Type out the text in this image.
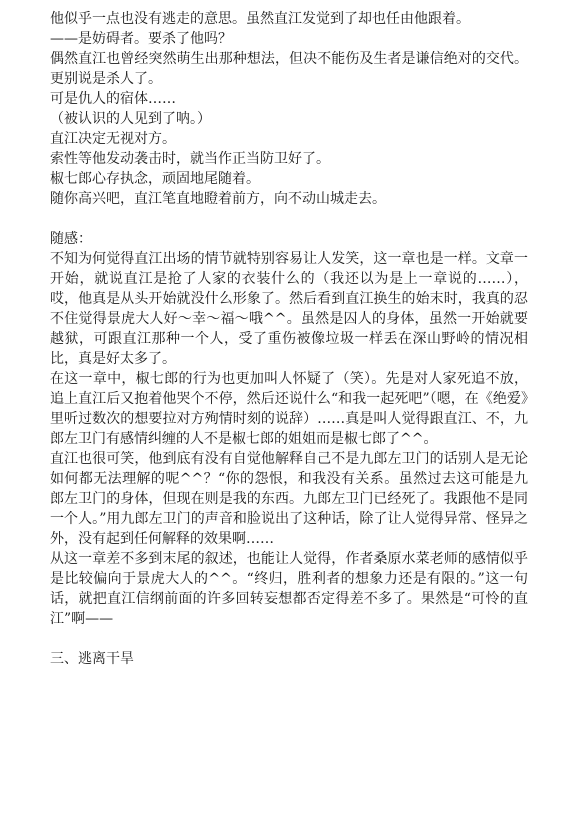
他似乎一点也没有逃走的意思。虽然直江发觉到了却也任由他跟着。

——是妨碍者。要杀了他吗？

偶然直江也曾经突然萌生出那种想法，但决不能伤及生者是谦信绝对的交代。更别说是杀人了。

可是仇人的宿体……

（被认识的人见到了呐。）

直江决定无视对方。

索性等他发动袭击时，就当作正当防卫好了。

椒七郎心存执念，顽固地尾随着。

随你高兴吧，直江笔直地瞪着前方，向不动山城走去。

随感：

不知为何觉得直江出场的情节就特别容易让人发笑，这一章也是一样。文章一开始，就说直江是抢了人家的衣装什么的（我还以为是上一章说的……），哎，他真是从头开始就没什么形象了。然后看到直江换生的始末时，我真的忍不住觉得景虎大人好～幸～福～哦^^。虽然是囚人的身体，虽然一开始就要越狱，可跟直江那种一个人，受了重伤被像垃圾一样丢在深山野岭的情况相比，真是好太多了。

在这一章中，椒七郎的行为也更加叫人怀疑了（笑）。先是对人家死追不放，追上直江后又抱着他哭个不停，然后还说什么“和我一起死吧”（嗯，在《绝爱》里听过数次的想要拉对方殉情时刻的说辞）……真是叫人觉得跟直江、不，九郎左卫门有感情纠缠的人不是椒七郎的姐姐而是椒七郎了^^。

直江也很可笑，他到底有没有自觉他解释自己不是九郎左卫门的话别人是无论如何都无法理解的呢^^？“你的怨恨，和我没有关系。虽然过去这可能是九郎左卫门的身体，但现在则是我的东西。九郎左卫门已经死了。我跟他不是同一个人。”用九郎左卫门的声音和脸说出了这种话，除了让人觉得异常、怪异之外，没有起到任何解释的效果啊……

从这一章差不多到末尾的叙述，也能让人觉得，作者桑原水菜老师的感情似乎是比较偏向于景虎大人的^^。“终归，胜利者的想象力还是有限的。”这一句话，就把直江信纲前面的许多回转妄想都否定得差不多了。果然是“可怜的直江”啊——

三、逃离干旱
